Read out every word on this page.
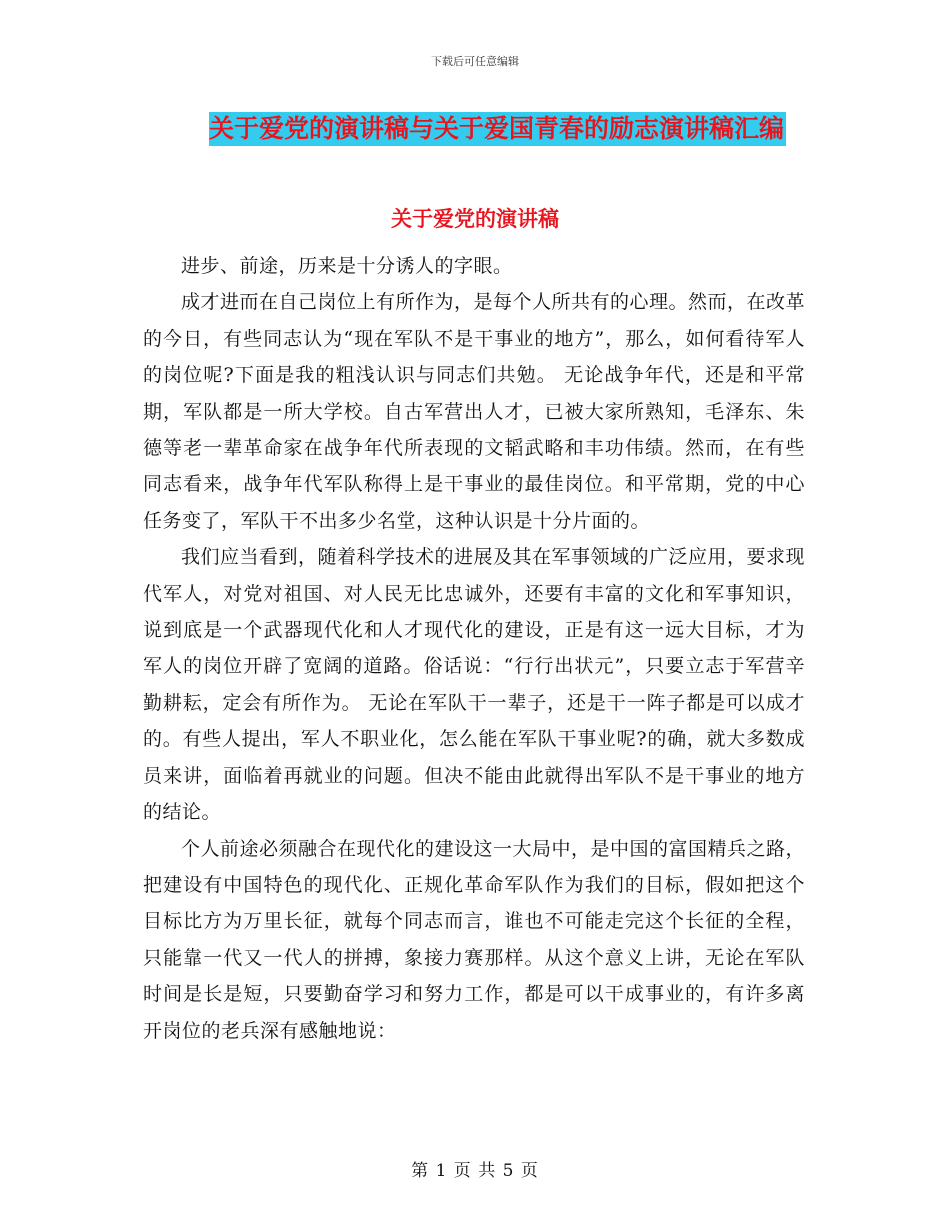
下载后可任意编辑
关于爱党的演讲稿与关于爱国青春的励志演讲稿汇编
关于爱党的演讲稿

进步、前途，历来是十分诱人的字眼。

成才进而在自己岗位上有所作为，是每个人所共有的心理。然而，在改革的今日，有些同志认为“现在军队不是干事业的地方”，那么，如何看待军人的岗位呢?下面是我的粗浅认识与同志们共勉。 无论战争年代，还是和平常期，军队都是一所大学校。自古军营出人才，已被大家所熟知，毛泽东、朱德等老一辈革命家在战争年代所表现的文韬武略和丰功伟绩。然而，在有些同志看来，战争年代军队称得上是干事业的最佳岗位。和平常期，党的中心任务变了，军队干不出多少名堂，这种认识是十分片面的。

我们应当看到，随着科学技术的进展及其在军事领域的广泛应用，要求现代军人，对党对祖国、对人民无比忠诚外，还要有丰富的文化和军事知识，说到底是一个武器现代化和人才现代化的建设，正是有这一远大目标，才为军人的岗位开辟了宽阔的道路。俗话说：“行行出状元”，只要立志于军营辛勤耕耘，定会有所作为。 无论在军队干一辈子，还是干一阵子都是可以成才的。有些人提出，军人不职业化，怎么能在军队干事业呢?的确，就大多数成员来讲，面临着再就业的问题。但决不能由此就得出军队不是干事业的地方的结论。

个人前途必须融合在现代化的建设这一大局中，是中国的富国精兵之路，把建设有中国特色的现代化、正规化革命军队作为我们的目标，假如把这个目标比方为万里长征，就每个同志而言，谁也不可能走完这个长征的全程，只能靠一代又一代人的拼搏，象接力赛那样。从这个意义上讲，无论在军队时间是长是短，只要勤奋学习和努力工作，都是可以干成事业的，有许多离开岗位的老兵深有感触地说：

第 1 页 共 5 页
